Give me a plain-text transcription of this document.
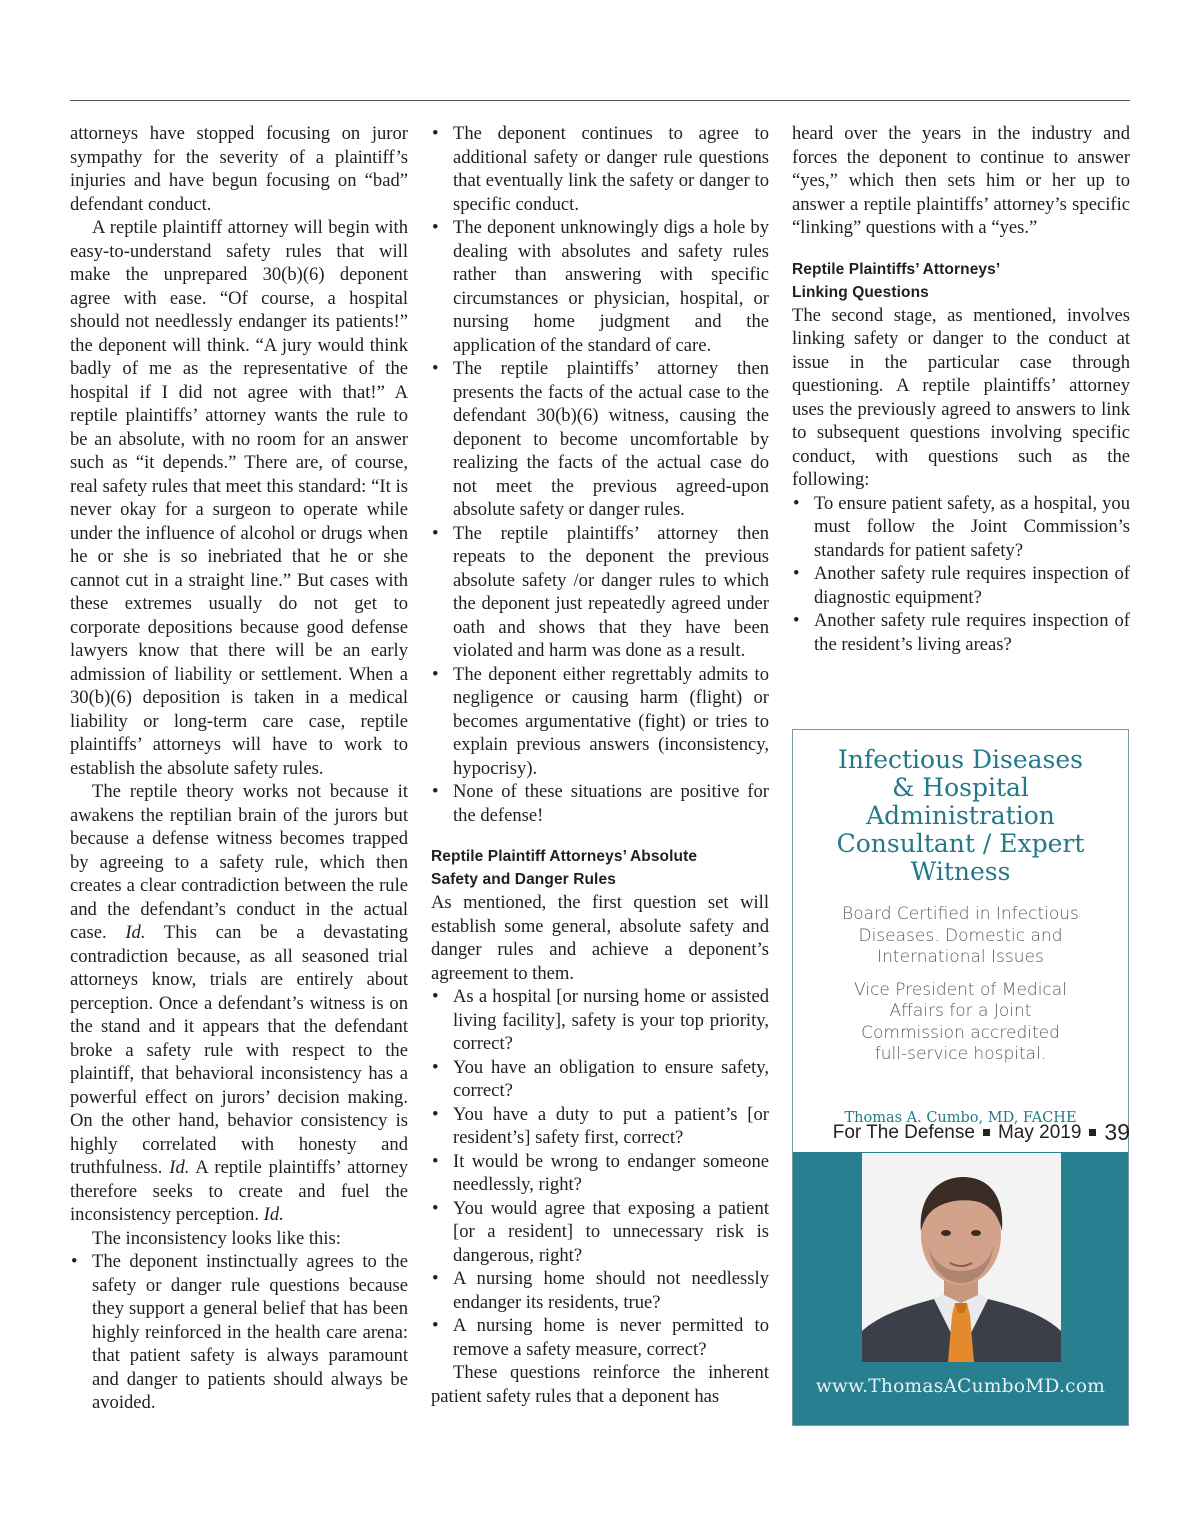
attorneys have stopped focusing on juror sympathy for the severity of a plaintiff’s injuries and have begun focusing on “bad” defendant conduct.

A reptile plaintiff attorney will begin with easy-to-understand safety rules that will make the unprepared 30(b)(6) deponent agree with ease. “Of course, a hospital should not needlessly endanger its patients!” the deponent will think. “A jury would think badly of me as the representative of the hospital if I did not agree with that!” A reptile plaintiffs’ attorney wants the rule to be an absolute, with no room for an answer such as “it depends.” There are, of course, real safety rules that meet this standard: “It is never okay for a surgeon to operate while under the influence of alcohol or drugs when he or she is so inebriated that he or she cannot cut in a straight line.” But cases with these extremes usually do not get to corporate depositions because good defense lawyers know that there will be an early admission of liability or settlement. When a 30(b)(6) deposition is taken in a medical liability or long-term care case, reptile plaintiffs’ attorneys will have to work to establish the absolute safety rules.

The reptile theory works not because it awakens the reptilian brain of the jurors but because a defense witness becomes trapped by agreeing to a safety rule, which then creates a clear contradiction between the rule and the defendant’s conduct in the actual case. Id. This can be a devastating contradiction because, as all seasoned trial attorneys know, trials are entirely about perception. Once a defendant’s witness is on the stand and it appears that the defendant broke a safety rule with respect to the plaintiff, that behavioral inconsistency has a powerful effect on jurors’ decision making. On the other hand, behavior consistency is highly correlated with honesty and truthfulness. Id. A reptile plaintiffs’ attorney therefore seeks to create and fuel the inconsistency perception. Id.

The inconsistency looks like this:

• The deponent instinctually agrees to the safety or danger rule questions because they support a general belief that has been highly reinforced in the health care arena: that patient safety is always paramount and danger to patients should always be avoided.
• The deponent continues to agree to additional safety or danger rule questions that eventually link the safety or danger to specific conduct.
• The deponent unknowingly digs a hole by dealing with absolutes and safety rules rather than answering with specific circumstances or physician, hospital, or nursing home judgment and the application of the standard of care.
• The reptile plaintiffs’ attorney then presents the facts of the actual case to the defendant 30(b)(6) witness, causing the deponent to become uncomfortable by realizing the facts of the actual case do not meet the previous agreed-upon absolute safety or danger rules.
• The reptile plaintiffs’ attorney then repeats to the deponent the previous absolute safety /or danger rules to which the deponent just repeatedly agreed under oath and shows that they have been violated and harm was done as a result.
• The deponent either regrettably admits to negligence or causing harm (flight) or becomes argumentative (fight) or tries to explain previous answers (inconsistency, hypocrisy).
• None of these situations are positive for the defense!
Reptile Plaintiff Attorneys’ Absolute
Safety and Danger Rules

As mentioned, the first question set will establish some general, absolute safety and danger rules and achieve a deponent’s agreement to them.

• As a hospital [or nursing home or assisted living facility], safety is your top priority, correct?
• You have an obligation to ensure safety, correct?
• You have a duty to put a patient’s [or resident’s] safety first, correct?
• It would be wrong to endanger someone needlessly, right?
• You would agree that exposing a patient [or a resident] to unnecessary risk is dangerous, right?
• A nursing home should not needlessly endanger its residents, true?
• A nursing home is never permitted to remove a safety measure, correct?

These questions reinforce the inherent patient safety rules that a deponent has

heard over the years in the industry and forces the deponent to continue to answer “yes,” which then sets him or her up to answer a reptile plaintiffs’ attorney’s specific “linking” questions with a “yes.”

Reptile Plaintiffs’ Attorneys’
Linking Questions

The second stage, as mentioned, involves linking safety or danger to the conduct at issue in the particular case through questioning. A reptile plaintiffs’ attorney uses the previously agreed to answers to link to subsequent questions involving specific conduct, with questions such as the following:

• To ensure patient safety, as a hospital, you must follow the Joint Commission’s standards for patient safety?
• Another safety rule requires inspection of diagnostic equipment?
• Another safety rule requires inspection of the resident’s living areas?
Infectious Diseases
& Hospital
Administration
Consultant / Expert
Witness
Board Certified in Infectious
Diseases. Domestic and
International Issues
Vice President of Medical
Affairs for a Joint
Commission accredited
full-service hospital.
Thomas A. Cumbo, MD, FACHE
www.ThomasACumboMD.com
For The Defense May 2019 39
